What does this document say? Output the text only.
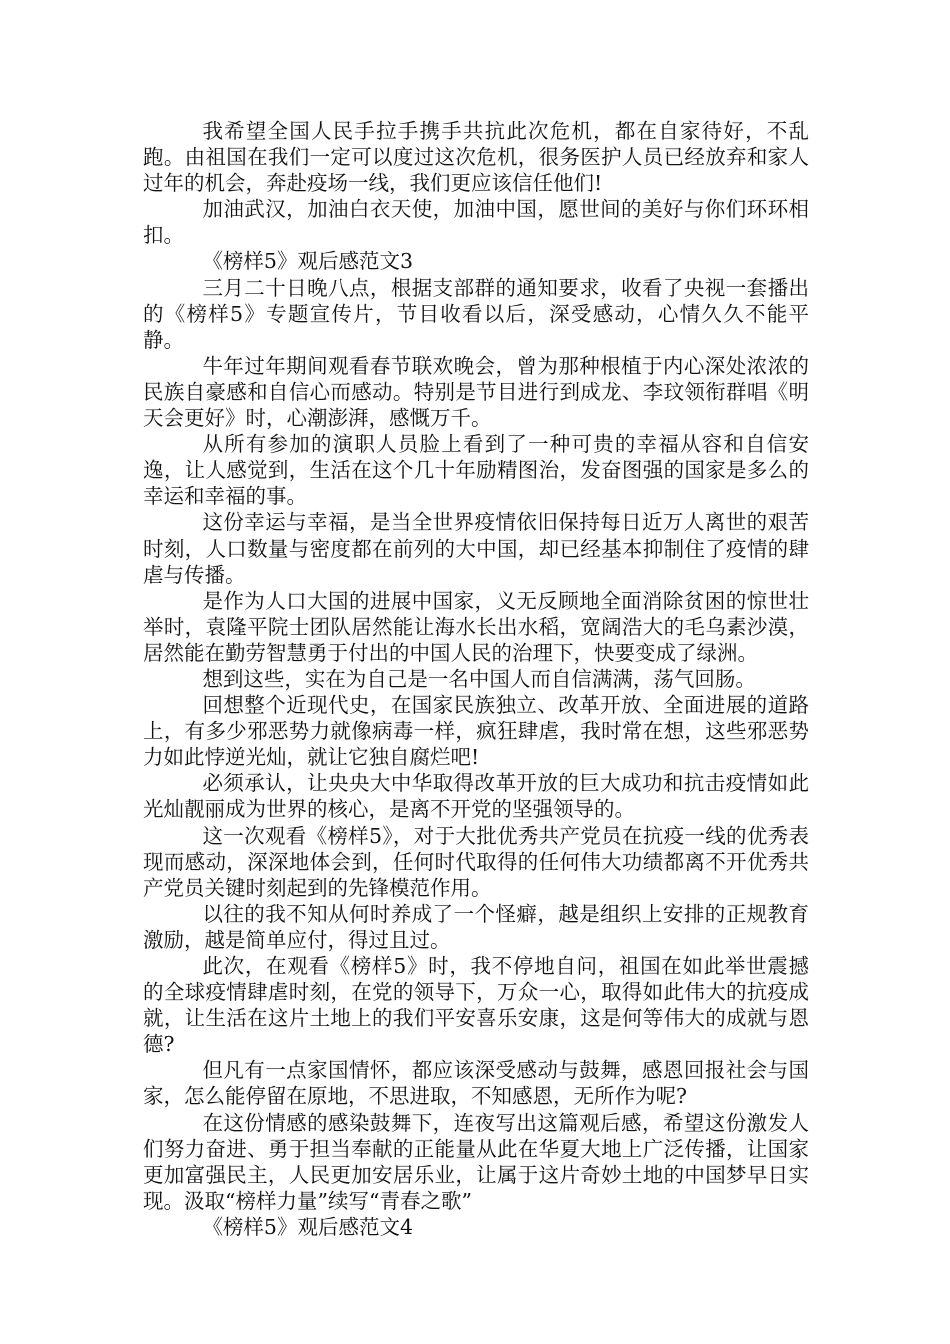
我希望全国人民手拉手携手共抗此次危机，都在自家待好，不乱跑。由祖国在我们一定可以度过这次危机，很务医护人员已经放弃和家人过年的机会，奔赴疫场一线，我们更应该信任他们!

加油武汉，加油白衣天使，加油中国，愿世间的美好与你们环环相扣。

《榜样5》观后感范文3

三月二十日晚八点，根据支部群的通知要求，收看了央视一套播出的《榜样5》专题宣传片，节目收看以后，深受感动，心情久久不能平静。

牛年过年期间观看春节联欢晚会，曾为那种根植于内心深处浓浓的民族自豪感和自信心而感动。特别是节目进行到成龙、李玟领衔群唱《明天会更好》时，心潮澎湃，感慨万千。

从所有参加的演职人员脸上看到了一种可贵的幸福从容和自信安逸，让人感觉到，生活在这个几十年励精图治，发奋图强的国家是多么的幸运和幸福的事。

这份幸运与幸福，是当全世界疫情依旧保持每日近万人离世的艰苦时刻，人口数量与密度都在前列的大中国，却已经基本抑制住了疫情的肆虐与传播。

是作为人口大国的进展中国家，义无反顾地全面消除贫困的惊世壮举时，袁隆平院士团队居然能让海水长出水稻，宽阔浩大的毛乌素沙漠，居然能在勤劳智慧勇于付出的中国人民的治理下，快要变成了绿洲。

想到这些，实在为自己是一名中国人而自信满满，荡气回肠。

回想整个近现代史，在国家民族独立、改革开放、全面进展的道路上，有多少邪恶势力就像病毒一样，疯狂肆虐，我时常在想，这些邪恶势力如此悖逆光灿，就让它独自腐烂吧!

必须承认，让央央大中华取得改革开放的巨大成功和抗击疫情如此光灿靓丽成为世界的核心，是离不开党的坚强领导的。

这一次观看《榜样5》，对于大批优秀共产党员在抗疫一线的优秀表现而感动，深深地体会到，任何时代取得的任何伟大功绩都离不开优秀共产党员关键时刻起到的先锋模范作用。

以往的我不知从何时养成了一个怪癖，越是组织上安排的正规教育激励，越是简单应付，得过且过。

此次，在观看《榜样5》时，我不停地自问，祖国在如此举世震撼的全球疫情肆虐时刻，在党的领导下，万众一心，取得如此伟大的抗疫成就，让生活在这片土地上的我们平安喜乐安康，这是何等伟大的成就与恩德?

但凡有一点家国情怀，都应该深受感动与鼓舞，感恩回报社会与国家，怎么能停留在原地，不思进取，不知感恩，无所作为呢?

在这份情感的感染鼓舞下，连夜写出这篇观后感，希望这份激发人们努力奋进、勇于担当奉献的正能量从此在华夏大地上广泛传播，让国家更加富强民主，人民更加安居乐业，让属于这片奇妙土地的中国梦早日实现。汲取“榜样力量”续写“青春之歌”

《榜样5》观后感范文4
